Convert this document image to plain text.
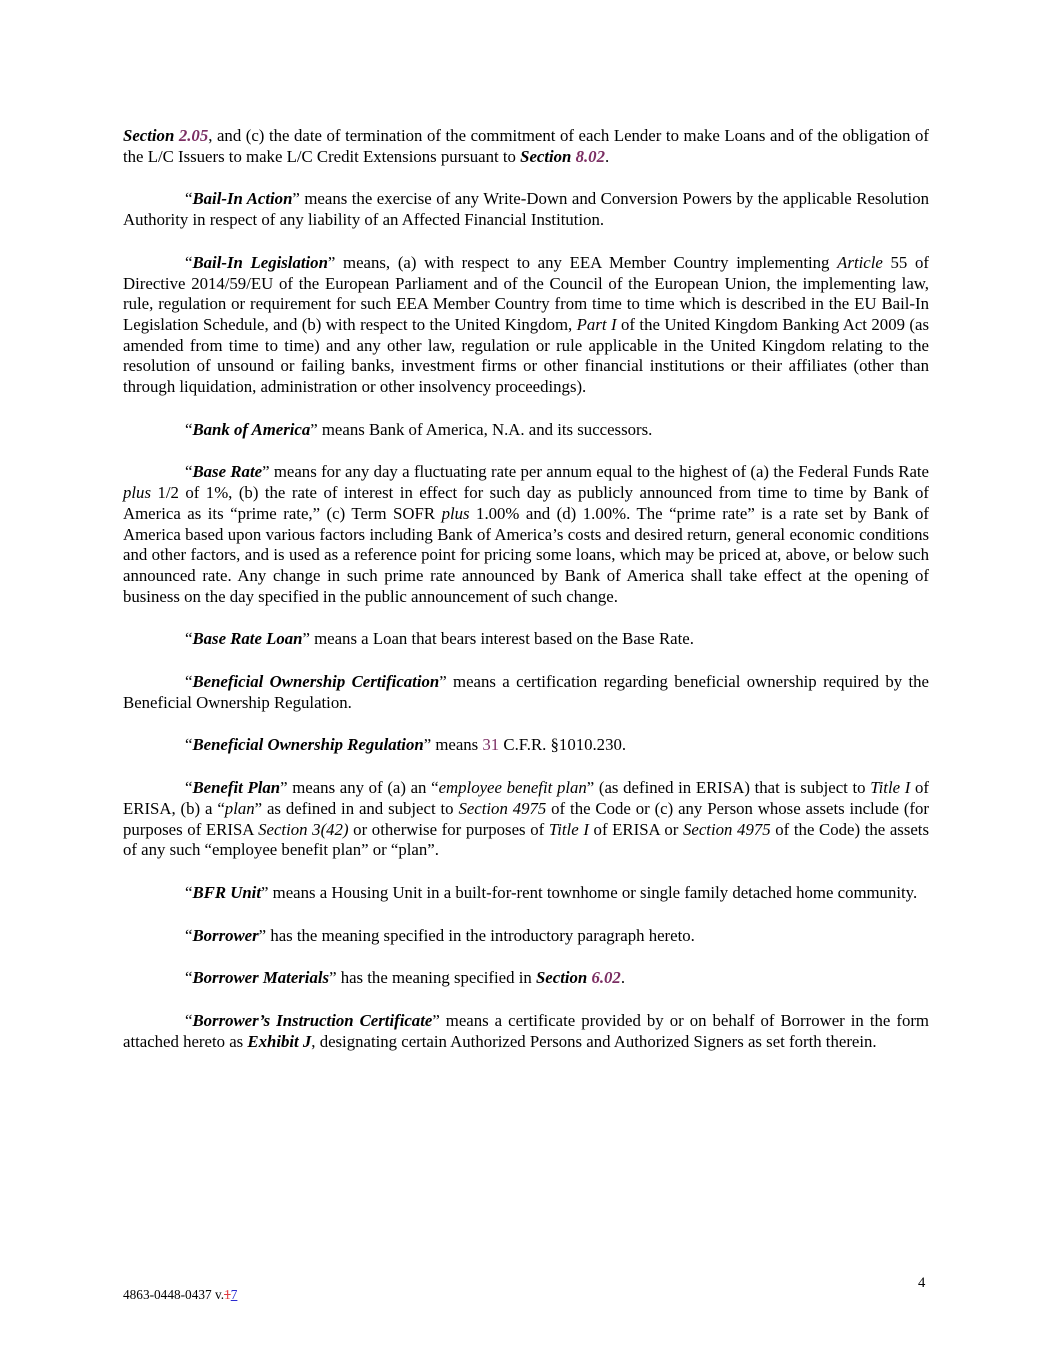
Section 2.05, and (c) the date of termination of the commitment of each Lender to make Loans and of the obligation of the L/C Issuers to make L/C Credit Extensions pursuant to Section 8.02.

“Bail-In Action” means the exercise of any Write-Down and Conversion Powers by the applicable Resolution Authority in respect of any liability of an Affected Financial Institution.

“Bail-In Legislation” means, (a) with respect to any EEA Member Country implementing Article 55 of Directive 2014/59/EU of the European Parliament and of the Council of the European Union, the implementing law, rule, regulation or requirement for such EEA Member Country from time to time which is described in the EU Bail-In Legislation Schedule, and (b) with respect to the United Kingdom, Part I of the United Kingdom Banking Act 2009 (as amended from time to time) and any other law, regulation or rule applicable in the United Kingdom relating to the resolution of unsound or failing banks, investment firms or other financial institutions or their affiliates (other than through liquidation, administration or other insolvency proceedings).

“Bank of America” means Bank of America, N.A. and its successors.

“Base Rate” means for any day a fluctuating rate per annum equal to the highest of (a) the Federal Funds Rate plus 1/2 of 1%, (b) the rate of interest in effect for such day as publicly announced from time to time by Bank of America as its “prime rate,” (c) Term SOFR plus 1.00% and (d) 1.00%. The “prime rate” is a rate set by Bank of America based upon various factors including Bank of America’s costs and desired return, general economic conditions and other factors, and is used as a reference point for pricing some loans, which may be priced at, above, or below such announced rate. Any change in such prime rate announced by Bank of America shall take effect at the opening of business on the day specified in the public announcement of such change.

“Base Rate Loan” means a Loan that bears interest based on the Base Rate.

“Beneficial Ownership Certification” means a certification regarding beneficial ownership required by the Beneficial Ownership Regulation.

“Beneficial Ownership Regulation” means 31 C.F.R. §1010.230.

“Benefit Plan” means any of (a) an “employee benefit plan” (as defined in ERISA) that is subject to Title I of ERISA, (b) a “plan” as defined in and subject to Section 4975 of the Code or (c) any Person whose assets include (for purposes of ERISA Section 3(42) or otherwise for purposes of Title I of ERISA or Section 4975 of the Code) the assets of any such “employee benefit plan” or “plan”.

“BFR Unit” means a Housing Unit in a built-for-rent townhome or single family detached home community.

“Borrower” has the meaning specified in the introductory paragraph hereto.

“Borrower Materials” has the meaning specified in Section 6.02.

“Borrower’s Instruction Certificate” means a certificate provided by or on behalf of Borrower in the form attached hereto as Exhibit J, designating certain Authorized Persons and Authorized Signers as set forth therein.

4863-0448-0437 v.17
4
